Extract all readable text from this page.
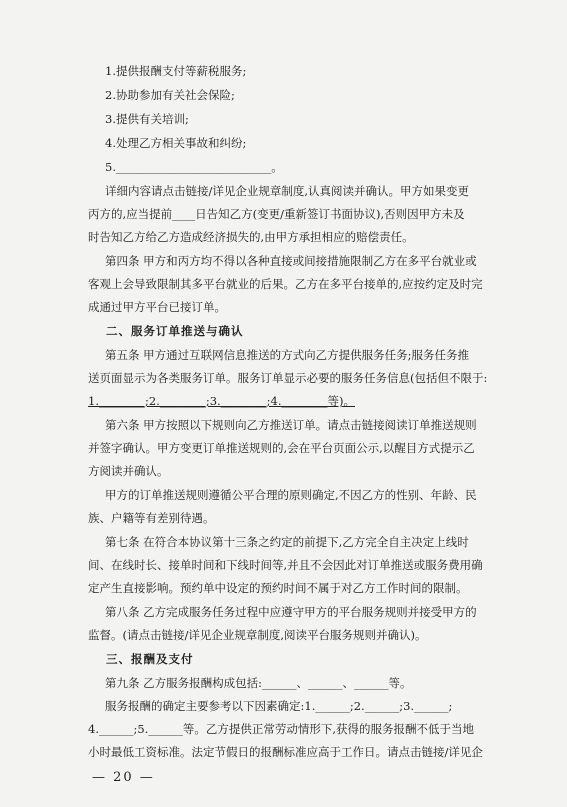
1.提供报酬支付等薪税服务;
2.协助参加有关社会保险;
3.提供有关培训;
4.处理乙方相关事故和纠纷;
5.___________________________。
详细内容请点击链接/详见企业规章制度,认真阅读并确认。甲方如果变更
丙方的,应当提前____日告知乙方(变更/重新签订书面协议),否则因甲方未及
时告知乙方给乙方造成经济损失的,由甲方承担相应的赔偿责任。
第四条 甲方和丙方均不得以各种直接或间接措施限制乙方在多平台就业或
客观上会导致限制其多平台就业的后果。乙方在多平台接单的,应按约定及时完
成通过甲方平台已接订单。
二、服务订单推送与确认
第五条 甲方通过互联网信息推送的方式向乙方提供服务任务;服务任务推
送页面显示为各类服务订单。服务订单显示必要的服务任务信息(包括但不限于:
1.________;2.________;3.________;4.________等)。
第六条 甲方按照以下规则向乙方推送订单。请点击链接阅读订单推送规则
并签字确认。甲方变更订单推送规则的,会在平台页面公示,以醒目方式提示乙
方阅读并确认。
甲方的订单推送规则遵循公平合理的原则确定,不因乙方的性别、年龄、民
族、户籍等有差别待遇。
第七条 在符合本协议第十三条之约定的前提下,乙方完全自主决定上线时
间、在线时长、接单时间和下线时间等,并且不会因此对订单推送或服务费用确
定产生直接影响。预约单中设定的预约时间不属于对乙方工作时间的限制。
第八条 乙方完成服务任务过程中应遵守甲方的平台服务规则并接受甲方的
监督。(请点击链接/详见企业规章制度,阅读平台服务规则并确认)。
三、报酬及支付
第九条 乙方服务报酬构成包括:______、______、______等。
服务报酬的确定主要参考以下因素确定:1.______;2.______;3.______;
4.______;5.______等。乙方提供正常劳动情形下,获得的服务报酬不低于当地
小时最低工资标准。法定节假日的报酬标准应高于工作日。请点击链接/详见企
— 20 —
